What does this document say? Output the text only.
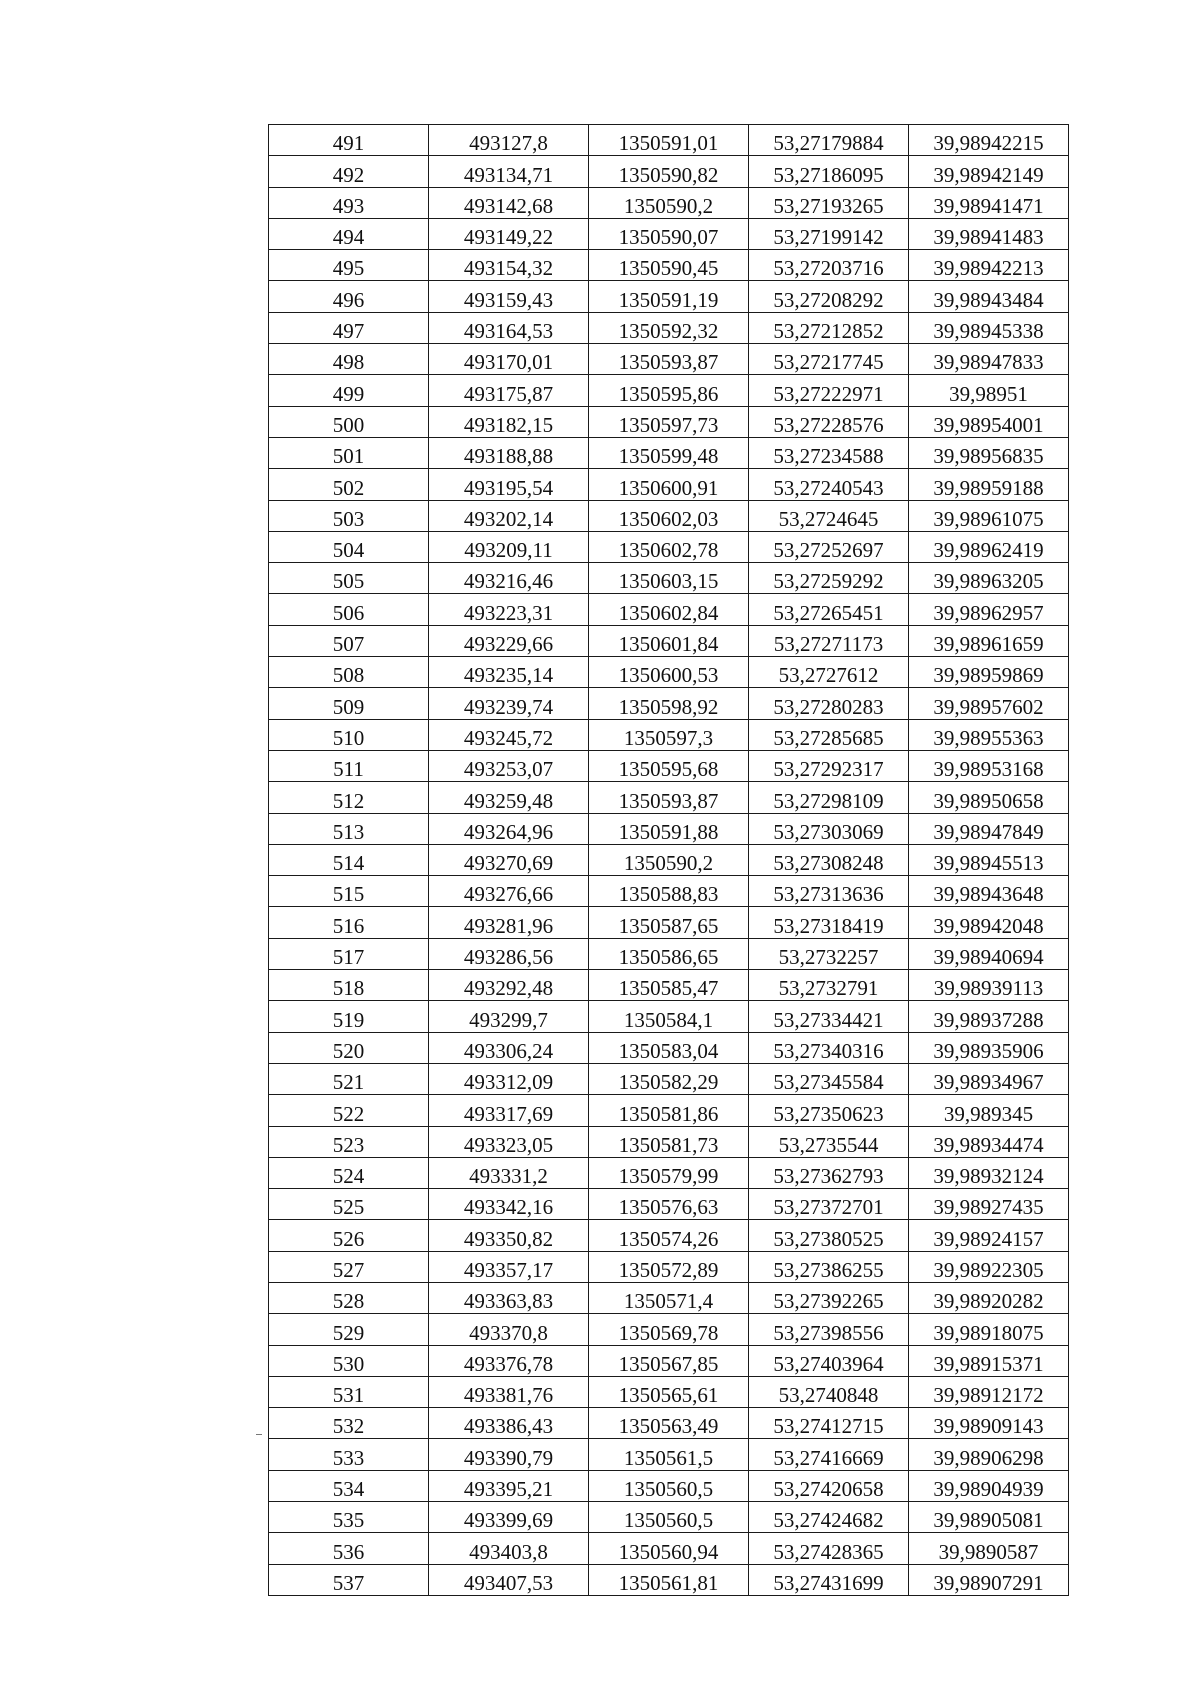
491	493127,8	1350591,01	53,27179884	39,98942215
492	493134,71	1350590,82	53,27186095	39,98942149
493	493142,68	1350590,2	53,27193265	39,98941471
494	493149,22	1350590,07	53,27199142	39,98941483
495	493154,32	1350590,45	53,27203716	39,98942213
496	493159,43	1350591,19	53,27208292	39,98943484
497	493164,53	1350592,32	53,27212852	39,98945338
498	493170,01	1350593,87	53,27217745	39,98947833
499	493175,87	1350595,86	53,27222971	39,98951
500	493182,15	1350597,73	53,27228576	39,98954001
501	493188,88	1350599,48	53,27234588	39,98956835
502	493195,54	1350600,91	53,27240543	39,98959188
503	493202,14	1350602,03	53,2724645	39,98961075
504	493209,11	1350602,78	53,27252697	39,98962419
505	493216,46	1350603,15	53,27259292	39,98963205
506	493223,31	1350602,84	53,27265451	39,98962957
507	493229,66	1350601,84	53,27271173	39,98961659
508	493235,14	1350600,53	53,2727612	39,98959869
509	493239,74	1350598,92	53,27280283	39,98957602
510	493245,72	1350597,3	53,27285685	39,98955363
511	493253,07	1350595,68	53,27292317	39,98953168
512	493259,48	1350593,87	53,27298109	39,98950658
513	493264,96	1350591,88	53,27303069	39,98947849
514	493270,69	1350590,2	53,27308248	39,98945513
515	493276,66	1350588,83	53,27313636	39,98943648
516	493281,96	1350587,65	53,27318419	39,98942048
517	493286,56	1350586,65	53,2732257	39,98940694
518	493292,48	1350585,47	53,2732791	39,98939113
519	493299,7	1350584,1	53,27334421	39,98937288
520	493306,24	1350583,04	53,27340316	39,98935906
521	493312,09	1350582,29	53,27345584	39,98934967
522	493317,69	1350581,86	53,27350623	39,989345
523	493323,05	1350581,73	53,2735544	39,98934474
524	493331,2	1350579,99	53,27362793	39,98932124
525	493342,16	1350576,63	53,27372701	39,98927435
526	493350,82	1350574,26	53,27380525	39,98924157
527	493357,17	1350572,89	53,27386255	39,98922305
528	493363,83	1350571,4	53,27392265	39,98920282
529	493370,8	1350569,78	53,27398556	39,98918075
530	493376,78	1350567,85	53,27403964	39,98915371
531	493381,76	1350565,61	53,2740848	39,98912172
532	493386,43	1350563,49	53,27412715	39,98909143
533	493390,79	1350561,5	53,27416669	39,98906298
534	493395,21	1350560,5	53,27420658	39,98904939
535	493399,69	1350560,5	53,27424682	39,98905081
536	493403,8	1350560,94	53,27428365	39,9890587
537	493407,53	1350561,81	53,27431699	39,98907291
